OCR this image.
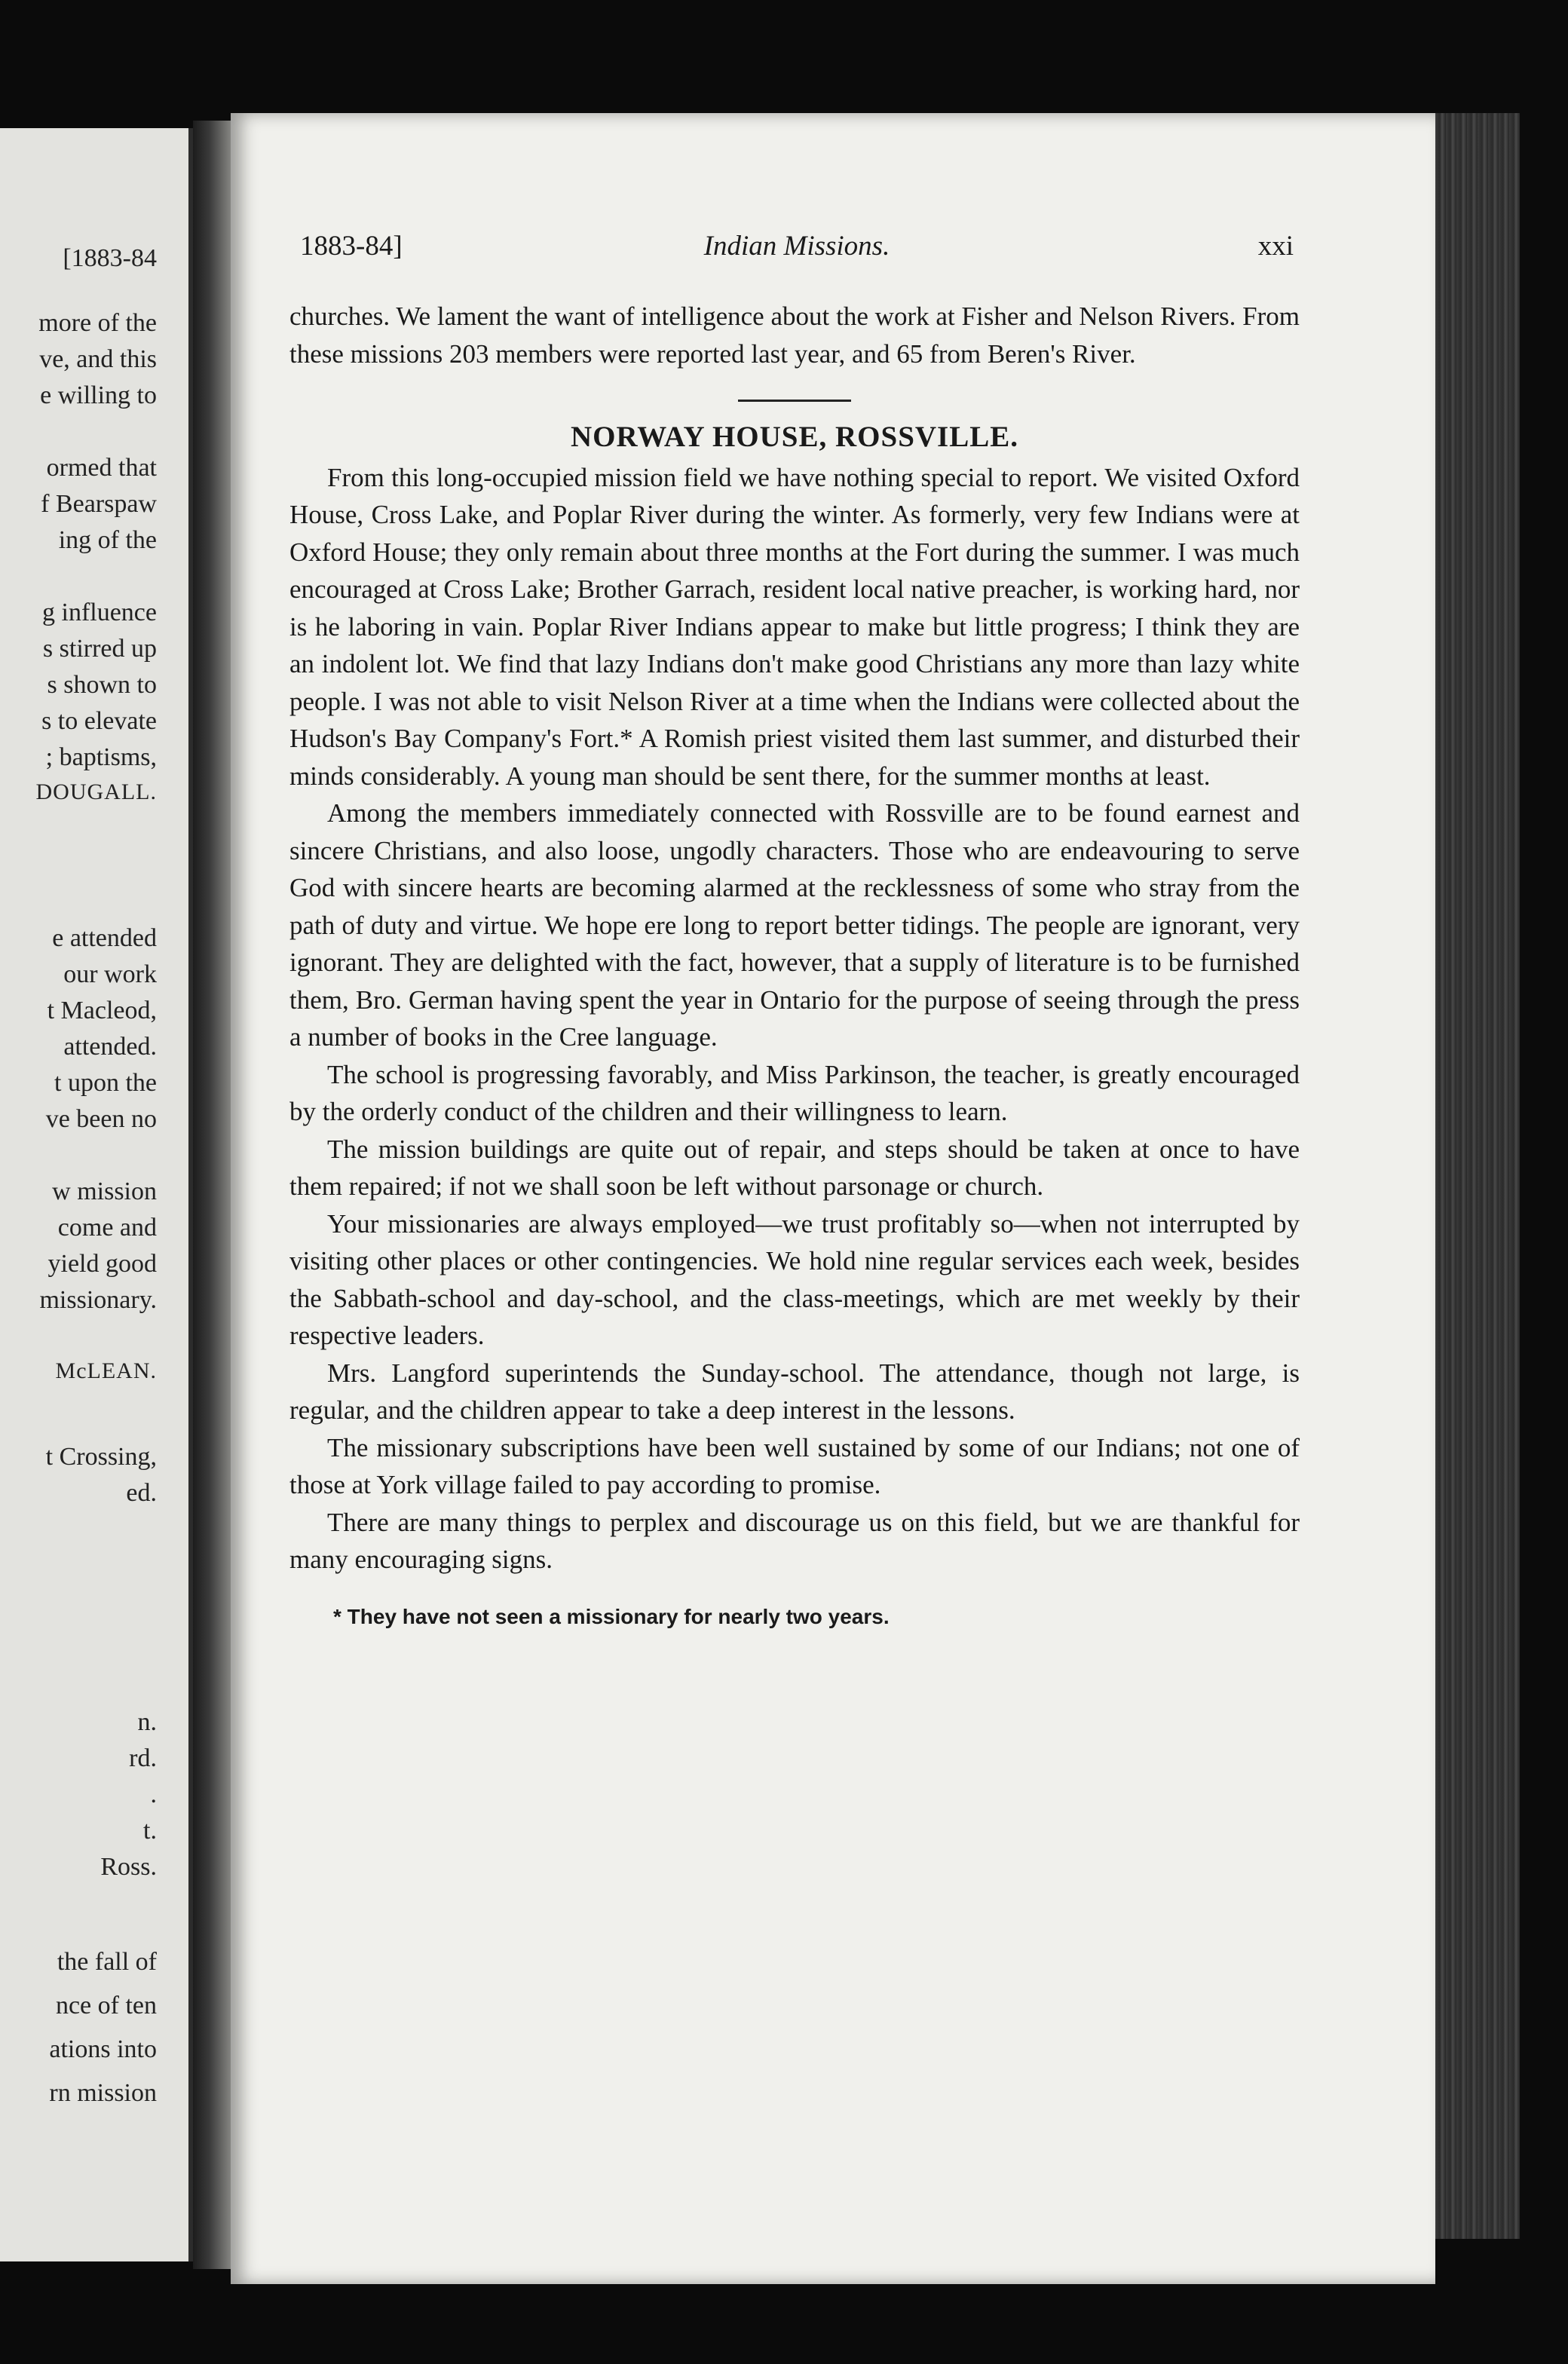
[1883-84
more of the
ve, and this
e willing to
ormed that
f Bearspaw
ing of the
g influence
s stirred up
s shown to
s to elevate
; baptisms,
DOUGALL.
e attended
our work
t Macleod,
attended.
t upon the
ve been no
w mission
come and
yield good
missionary.
McLEAN.
t Crossing,
ed.
n.
rd.
.
t.
Ross.
the fall of
nce of ten
ations into
rn mission
1883-84]	Indian Missions.	xxi

churches. We lament the want of intelligence about the work at Fisher and Nelson Rivers. From these missions 203 members were reported last year, and 65 from Beren's River.

NORWAY HOUSE, ROSSVILLE.

From this long-occupied mission field we have nothing special to report. We visited Oxford House, Cross Lake, and Poplar River during the winter. As formerly, very few Indians were at Oxford House; they only remain about three months at the Fort during the summer. I was much encouraged at Cross Lake; Brother Garrach, resident local native preacher, is working hard, nor is he laboring in vain. Poplar River Indians appear to make but little progress; I think they are an indolent lot. We find that lazy Indians don't make good Christians any more than lazy white people. I was not able to visit Nelson River at a time when the Indians were collected about the Hudson's Bay Company's Fort.* A Romish priest visited them last summer, and disturbed their minds considerably. A young man should be sent there, for the summer months at least.

Among the members immediately connected with Rossville are to be found earnest and sincere Christians, and also loose, ungodly characters. Those who are endeavouring to serve God with sincere hearts are becoming alarmed at the recklessness of some who stray from the path of duty and virtue. We hope ere long to report better tidings. The people are ignorant, very ignorant. They are delighted with the fact, however, that a supply of literature is to be furnished them, Bro. German having spent the year in Ontario for the purpose of seeing through the press a number of books in the Cree language.

The school is progressing favorably, and Miss Parkinson, the teacher, is greatly encouraged by the orderly conduct of the children and their willingness to learn.

The mission buildings are quite out of repair, and steps should be taken at once to have them repaired; if not we shall soon be left without parsonage or church.

Your missionaries are always employed—we trust profitably so—when not interrupted by visiting other places or other contingencies. We hold nine regular services each week, besides the Sabbath-school and day-school, and the class-meetings, which are met weekly by their respective leaders.

Mrs. Langford superintends the Sunday-school. The attendance, though not large, is regular, and the children appear to take a deep interest in the lessons.

The missionary subscriptions have been well sustained by some of our Indians; not one of those at York village failed to pay according to promise.

There are many things to perplex and discourage us on this field, but we are thankful for many encouraging signs.

* They have not seen a missionary for nearly two years.
